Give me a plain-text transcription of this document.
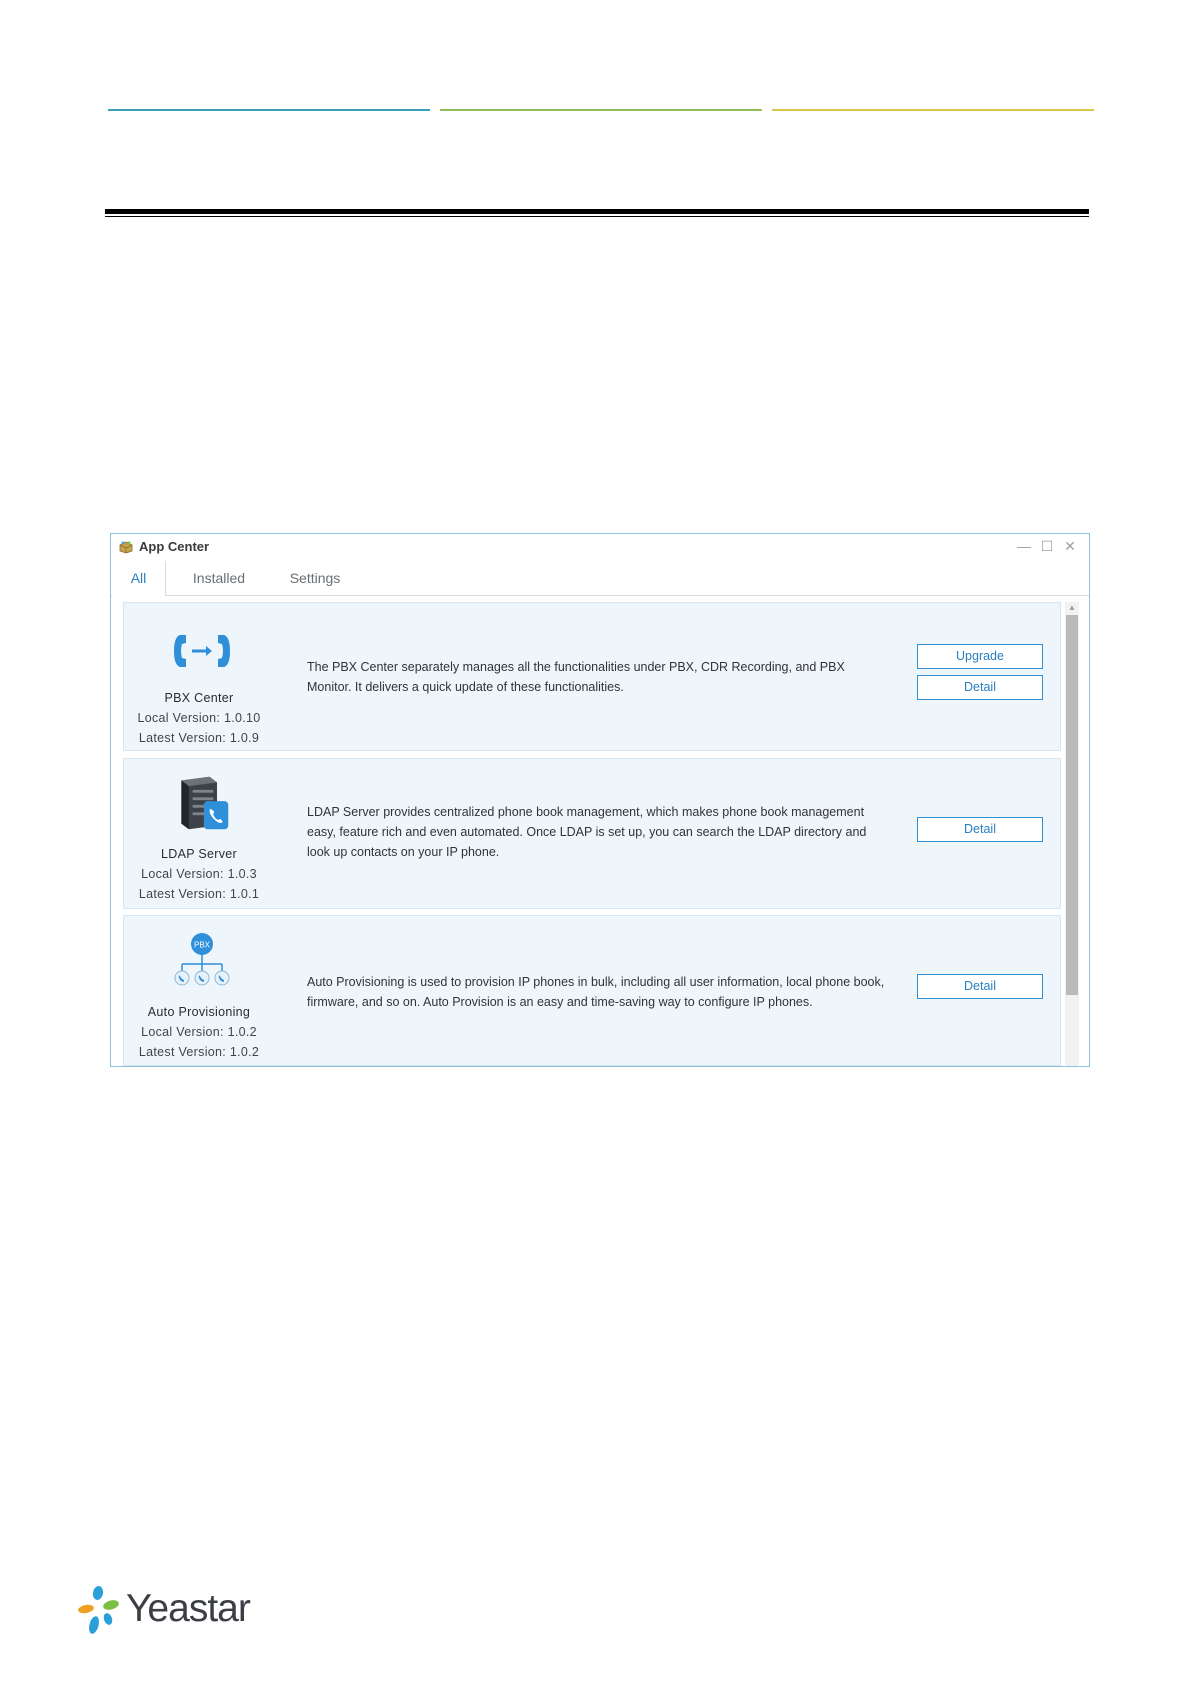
App Center	— ☐ ✕
All	Installed	Settings
PBX Center
Local Version: 1.0.10
Latest Version: 1.0.9
The PBX Center separately manages all the functionalities under PBX, CDR Recording, and PBX Monitor. It delivers a quick update of these functionalities.
Upgrade
Detail
LDAP Server
Local Version: 1.0.3
Latest Version: 1.0.1
LDAP Server provides centralized phone book management, which makes phone book management easy, feature rich and even automated. Once LDAP is set up, you can search the LDAP directory and look up contacts on your IP phone.
Detail
PBX
Auto Provisioning
Local Version: 1.0.2
Latest Version: 1.0.2
Auto Provisioning is used to provision IP phones in bulk, including all user information, local phone book, firmware, and so on. Auto Provision is an easy and time-saving way to configure IP phones.
Detail
▲
Yeastar
